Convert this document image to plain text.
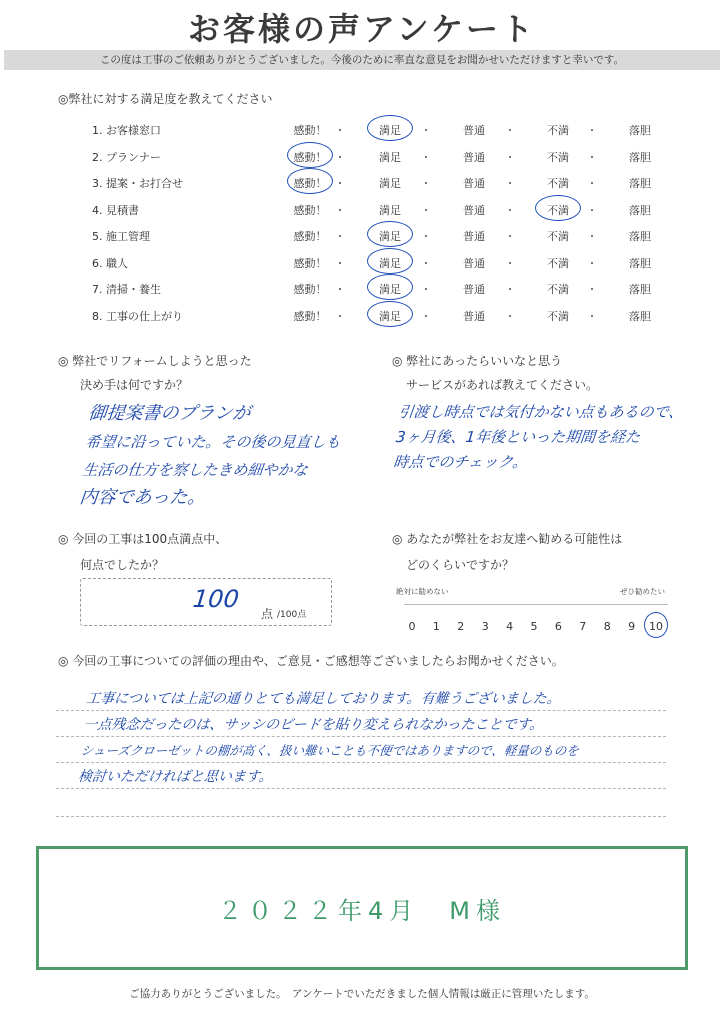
お客様の声アンケート
この度は工事のご依頼ありがとうございました。今後のために率直な意見をお聞かせいただけますと幸いです。
◎弊社に対する満足度を教えてください
1. お客様窓口	感動！	満足	普通	不満	落胆
・	・	・	・
2. プランナー	感動！	満足	普通	不満	落胆
・	・	・	・
3. 提案・お打合せ	感動！	満足	普通	不満	落胆
・	・	・	・
4. 見積書	感動！	満足	普通	不満	落胆
・	・	・	・
5. 施工管理	感動！	満足	普通	不満	落胆
・	・	・	・
6. 職人	感動！	満足	普通	不満	落胆
・	・	・	・
7. 清掃・養生	感動！	満足	普通	不満	落胆
・	・	・	・
8. 工事の仕上がり	感動！	満足	普通	不満	落胆
・	・	・	・
◎ 弊社でリフォームしようと思った
決め手は何ですか？
御提案書のプランが
希望に沿っていた。その後の見直しも
生活の仕方を察したきめ細やかな
内容であった。
◎ 弊社にあったらいいなと思う
サービスがあれば教えてください。
引渡し時点では気付かない点もあるので、
3ヶ月後、1年後といった期間を経た
時点でのチェック。
◎ 今回の工事は100点満点中、
何点でしたか？
100
点 /100点
◎ あなたが弊社をお友達へ勧める可能性は
どのくらいですか？
絶対に勧めない	ぜひ勧めたい
0	1	2	3	4	5	6	7	8	9	10
◎ 今回の工事についての評価の理由や、ご意見・ご感想等ございましたらお聞かせください。
工事については上記の通りとても満足しております。有難うございました。
一点残念だったのは、サッシのビードを貼り変えられなかったことです。
シューズクローゼットの棚が高く、扱い難いことも不便ではありますので、軽量のものを
検討いただければと思います。
２０２２年4月　M様
ご協力ありがとうございました。　アンケートでいただきました個人情報は厳正に管理いたします。
